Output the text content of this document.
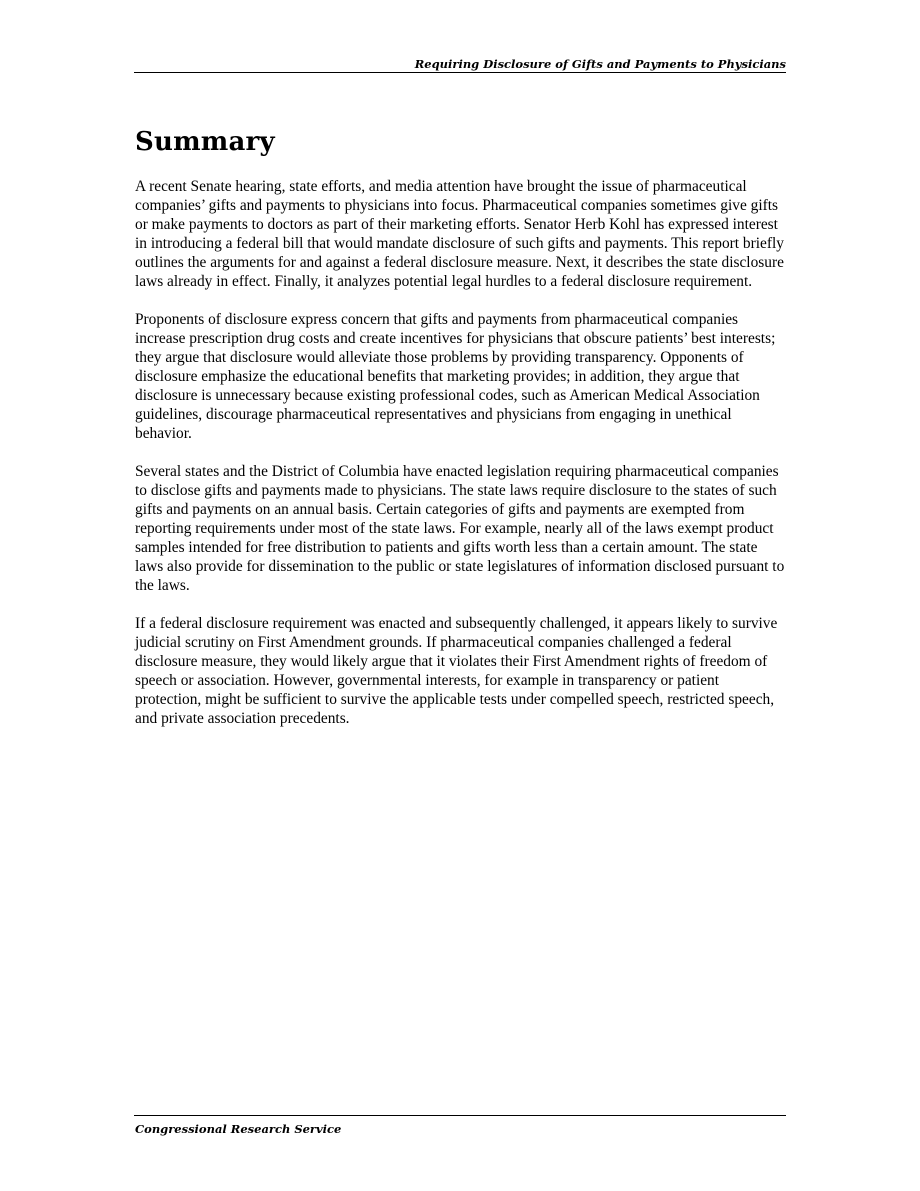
Requiring Disclosure of Gifts and Payments to Physicians
Summary

A recent Senate hearing, state efforts, and media attention have brought the issue of pharmaceutical companies’ gifts and payments to physicians into focus. Pharmaceutical companies sometimes give gifts or make payments to doctors as part of their marketing efforts. Senator Herb Kohl has expressed interest in introducing a federal bill that would mandate disclosure of such gifts and payments. This report briefly outlines the arguments for and against a federal disclosure measure. Next, it describes the state disclosure laws already in effect. Finally, it analyzes potential legal hurdles to a federal disclosure requirement.

Proponents of disclosure express concern that gifts and payments from pharmaceutical companies increase prescription drug costs and create incentives for physicians that obscure patients’ best interests; they argue that disclosure would alleviate those problems by providing transparency. Opponents of disclosure emphasize the educational benefits that marketing provides; in addition, they argue that disclosure is unnecessary because existing professional codes, such as American Medical Association guidelines, discourage pharmaceutical representatives and physicians from engaging in unethical behavior.

Several states and the District of Columbia have enacted legislation requiring pharmaceutical companies to disclose gifts and payments made to physicians. The state laws require disclosure to the states of such gifts and payments on an annual basis. Certain categories of gifts and payments are exempted from reporting requirements under most of the state laws. For example, nearly all of the laws exempt product samples intended for free distribution to patients and gifts worth less than a certain amount. The state laws also provide for dissemination to the public or state legislatures of information disclosed pursuant to the laws.

If a federal disclosure requirement was enacted and subsequently challenged, it appears likely to survive judicial scrutiny on First Amendment grounds. If pharmaceutical companies challenged a federal disclosure measure, they would likely argue that it violates their First Amendment rights of freedom of speech or association. However, governmental interests, for example in transparency or patient protection, might be sufficient to survive the applicable tests under compelled speech, restricted speech, and private association precedents.

Congressional Research Service
